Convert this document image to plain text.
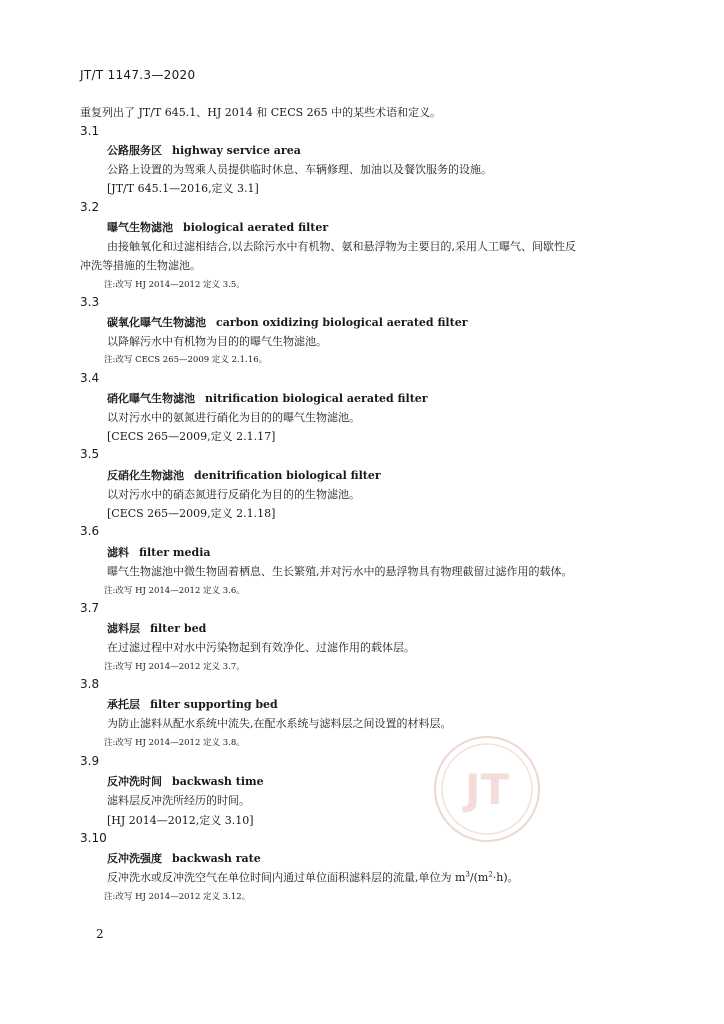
JT/T 1147.3—2020
重复列出了 JT/T 645.1、HJ 2014 和 CECS 265 中的某些术语和定义。
3.1
公路服务区 highway service area
公路上设置的为驾乘人员提供临时休息、车辆修理、加油以及餐饮服务的设施。
[JT/T 645.1—2016,定义 3.1]
3.2
曝气生物滤池 biological aerated filter
由接触氧化和过滤相结合,以去除污水中有机物、氨和悬浮物为主要目的,采用人工曝气、间歇性反
冲洗等措施的生物滤池。
注:改写 HJ 2014—2012 定义 3.5。
3.3
碳氧化曝气生物滤池 carbon oxidizing biological aerated filter
以降解污水中有机物为目的的曝气生物滤池。
注:改写 CECS 265—2009 定义 2.1.16。
3.4
硝化曝气生物滤池 nitrification biological aerated filter
以对污水中的氨氮进行硝化为目的的曝气生物滤池。
[CECS 265—2009,定义 2.1.17]
3.5
反硝化生物滤池 denitrification biological filter
以对污水中的硝态氮进行反硝化为目的的生物滤池。
[CECS 265—2009,定义 2.1.18]
3.6
滤料 filter media
曝气生物滤池中微生物固着栖息、生长繁殖,并对污水中的悬浮物具有物理截留过滤作用的载体。
注:改写 HJ 2014—2012 定义 3.6。
3.7
滤料层 filter bed
在过滤过程中对水中污染物起到有效净化、过滤作用的载体层。
注:改写 HJ 2014—2012 定义 3.7。
3.8
承托层 filter supporting bed
为防止滤料从配水系统中流失,在配水系统与滤料层之间设置的材料层。
注:改写 HJ 2014—2012 定义 3.8。
JT
3.9
反冲洗时间 backwash time
滤料层反冲洗所经历的时间。
[HJ 2014—2012,定义 3.10]
3.10
反冲洗强度 backwash rate
反冲洗水或反冲洗空气在单位时间内通过单位面积滤料层的流量,单位为 $m^3/(m^2\cdot h)$。
注:改写 HJ 2014—2012 定义 3.12。
2
